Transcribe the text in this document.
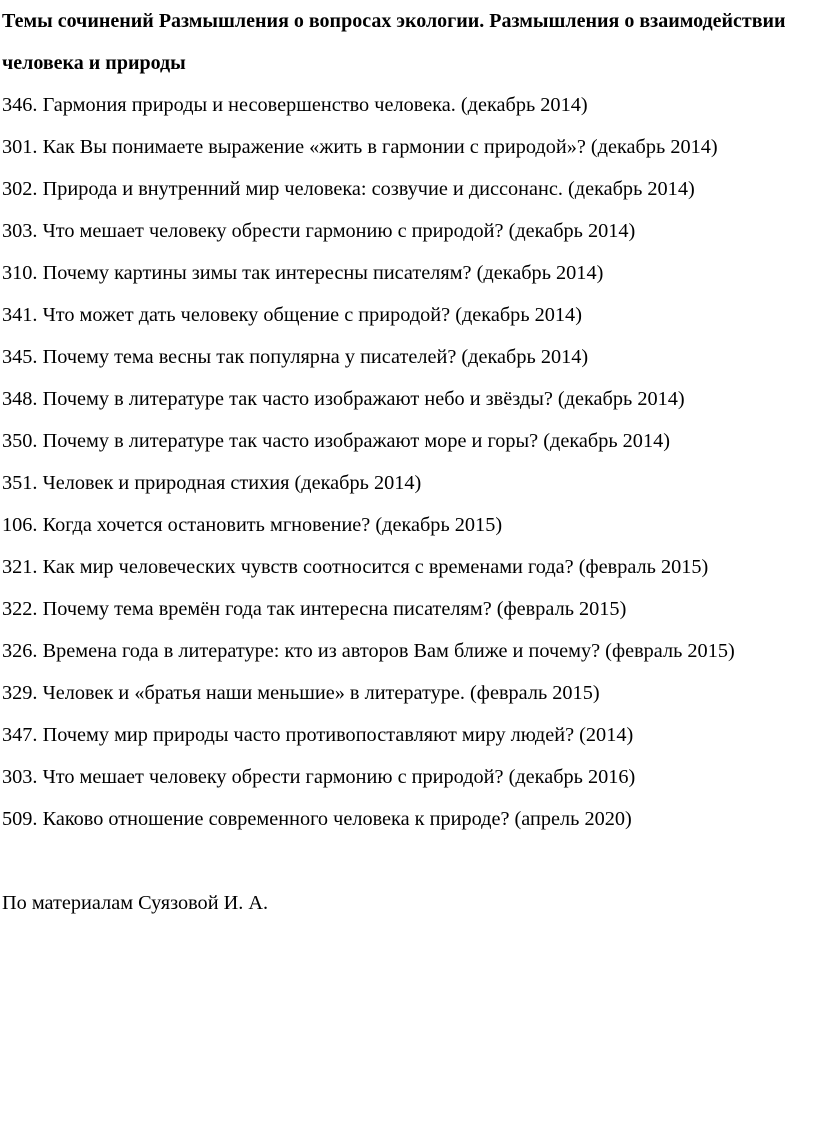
Темы сочинений Размышления о вопросах экологии. Размышления о взаимодействии человека и природы

346. Гармония природы и несовершенство человека. (декабрь 2014)
301. Как Вы понимаете выражение «жить в гармонии с природой»? (декабрь 2014)
302. Природа и внутренний мир человека: созвучие и диссонанс. (декабрь 2014)
303. Что мешает человеку обрести гармонию с природой? (декабрь 2014)
310. Почему картины зимы так интересны писателям? (декабрь 2014)
341. Что может дать человеку общение с природой? (декабрь 2014)
345. Почему тема весны так популярна у писателей? (декабрь 2014)
348. Почему в литературе так часто изображают небо и звёзды? (декабрь 2014)
350. Почему в литературе так часто изображают море и горы? (декабрь 2014)
351. Человек и природная стихия (декабрь 2014)
106. Когда хочется остановить мгновение? (декабрь 2015)
321. Как мир человеческих чувств соотносится с временами года? (февраль 2015)
322. Почему тема времён года так интересна писателям? (февраль 2015)
326. Времена года в литературе: кто из авторов Вам ближе и почему? (февраль 2015)
329. Человек и «братья наши меньшие» в литературе. (февраль 2015)
347. Почему мир природы часто противопоставляют миру людей? (2014)
303. Что мешает человеку обрести гармонию с природой? (декабрь 2016)
509. Каково отношение современного человека к природе? (апрель 2020)

По материалам Суязовой И. А.
